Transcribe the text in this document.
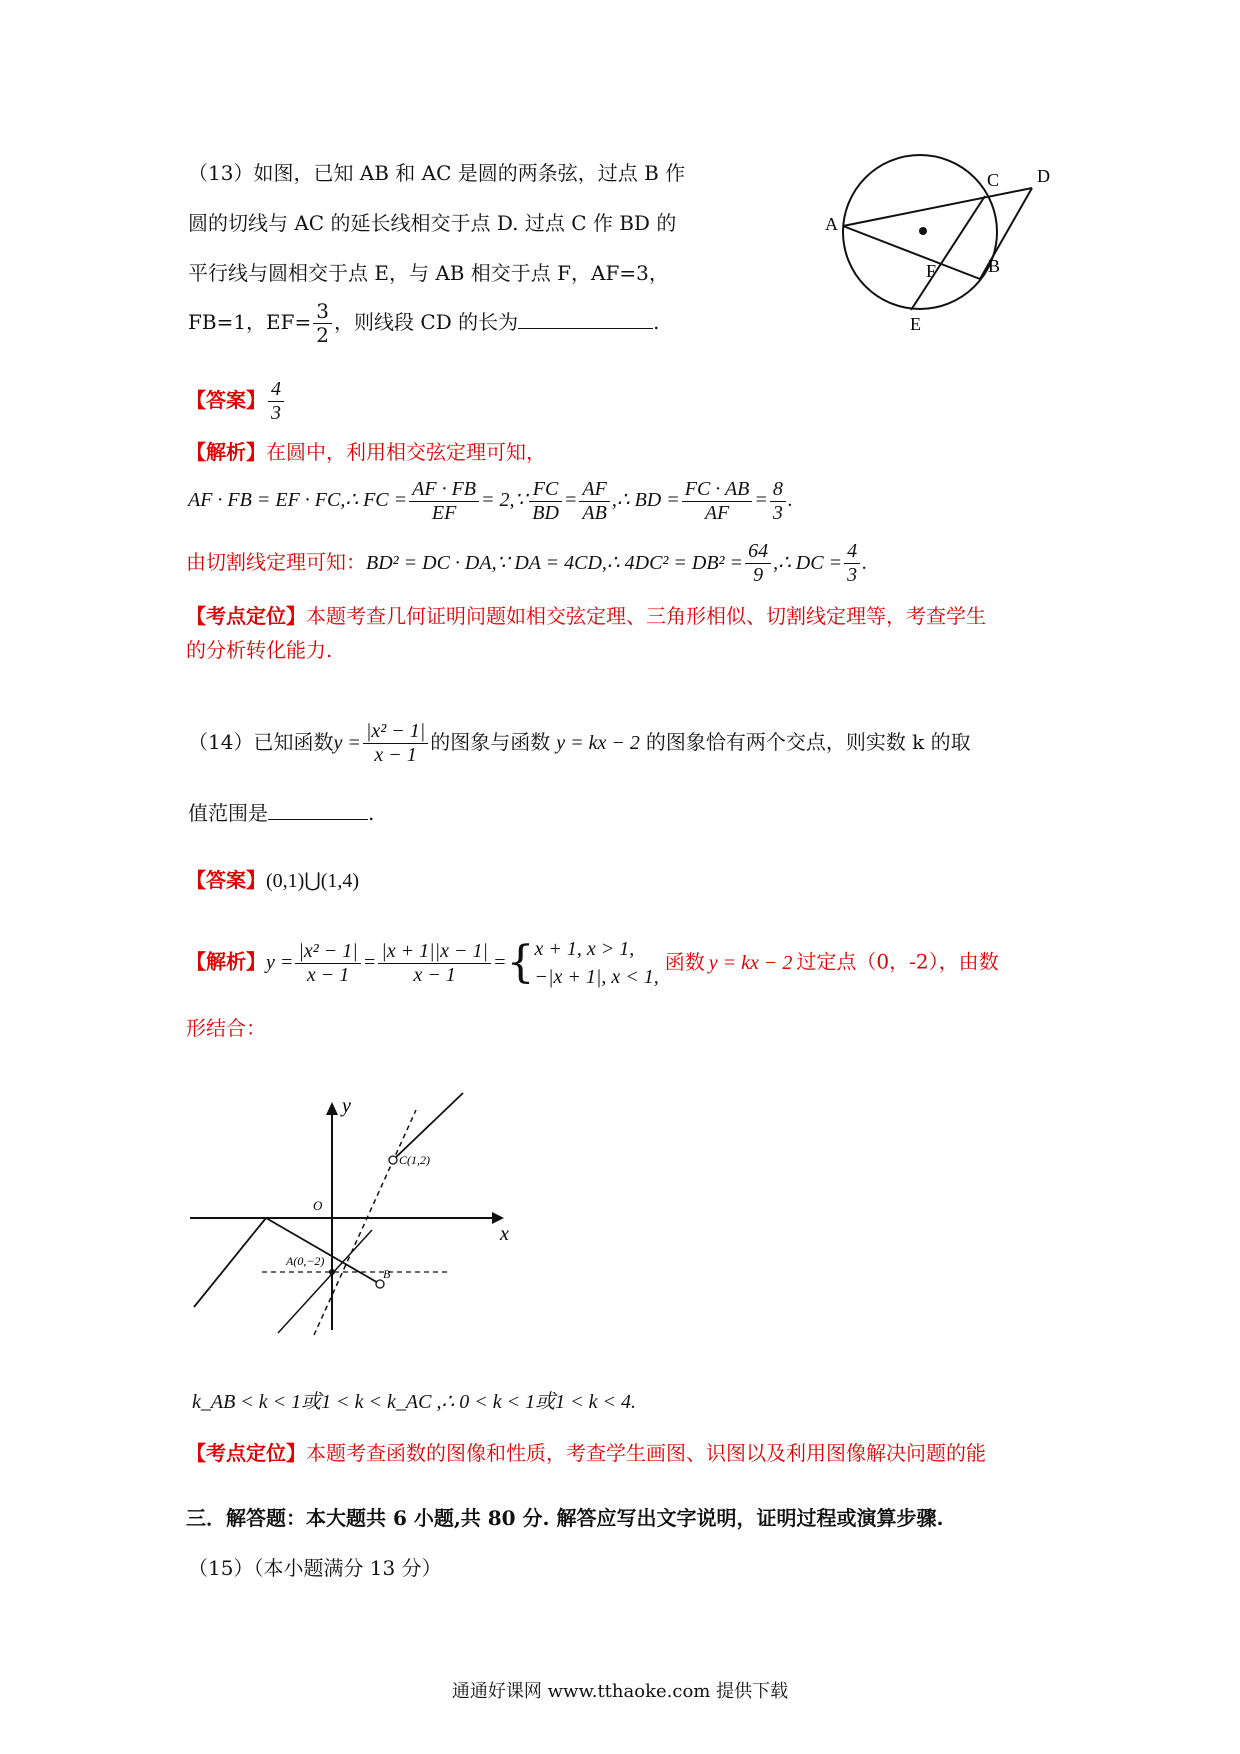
（13）如图，已知 AB 和 AC 是圆的两条弦，过点 B 作
圆的切线与 AC 的延长线相交于点 D. 过点 C 作 BD 的
平行线与圆相交于点 E，与 AB 相交于点 F，AF=3，
FB=1，$EF= \frac{3}{2}$ ，则线段 CD 的长为	.
A
B
C D
E
F
【答案】 $\frac{4}{3}$
【解析】在圆中，利用相交弦定理可知，
AF · FB = EF · FC,∴ FC = $\frac{AF \cdot FB}{EF}$ = 2,∵ $\frac{FC}{BD} = \frac{AF}{AB}$ ,∴ BD = $\frac{FC \cdot AB}{AF} = \frac{8}{3}$ .
由切割线定理可知：BD² = DC · DA,∵ DA = 4CD,∴ $4DC^2 = DB^2 = \frac{64}{9}$ ,∴ DC = $\frac{4}{3}$ .
【考点定位】本题考查几何证明问题如相交弦定理、三角形相似、切割线定理等，考查学生
的分析转化能力.
（14）已知函数$y = \frac{\text{|x² − 1|}}{x - 1}$ 的图象与函数 y = kx − 2 的图象恰有两个交点，则实数 k 的取
值范围是	.
【答案】(0,1)⋃(1,4)
【解析】$y = \frac{\text{|x² − 1|}}{x - 1} = \frac{|x + 1||x - 1|}{x - 1}$ ={ x + 1, x > 1,
−|x + 1|, x < 1,
函数 y = kx − 2 过定点（0，-2），由数
形结合：
y
x
O
C(1,2)
A(0,−2)
B
k_AB < k < 1或1 < k < k_AC ,∴ 0 < k < 1或1 < k < 4.
【考点定位】本题考查函数的图像和性质，考查学生画图、识图以及利用图像解决问题的能
三．解答题：本大题共 6 小题,共 80 分. 解答应写出文字说明，证明过程或演算步骤.
（15）（本小题满分 13 分）
通通好课网 www.tthaoke.com 提供下载
